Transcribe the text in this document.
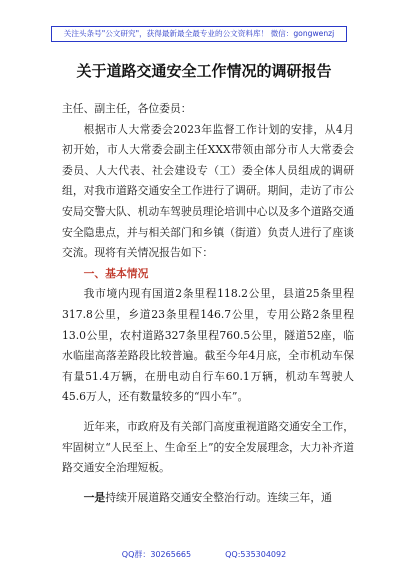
关注头条号"公文研究"，获得最新最全最专业的公文资料库！ 微信：gongwenzj
关于道路交通安全工作情况的调研报告

主任、副主任，各位委员：

根据市人大常委会2023年监督工作计划的安排，从4月初开始，市人大常委会副主任XXX带领由部分市人大常委会委员、人大代表、社会建设专（工）委全体人员组成的调研组，对我市道路交通安全工作进行了调研。期间，走访了市公安局交警大队、机动车驾驶员理论培训中心以及多个道路交通安全隐患点，并与相关部门和乡镇（街道）负责人进行了座谈交流。现将有关情况报告如下：

一、基本情况

我市境内现有国道2条里程118.2公里，县道25条里程317.8公里，乡道23条里程146.7公里，专用公路2条里程13.0公里，农村道路327条里程760.5公里，隧道52座，临水临崖高落差路段比较普遍。截至今年4月底，全市机动车保有量51.4万辆，在册电动自行车60.1万辆，机动车驾驶人45.6万人，还有数量较多的“四小车”。

近年来，市政府及有关部门高度重视道路交通安全工作，牢固树立“人民至上、生命至上”的安全发展理念，大力补齐道路交通安全治理短板。

一是持续开展道路交通安全整治行动。连续三年，通

QQ群：30265665	QQ:535304092
